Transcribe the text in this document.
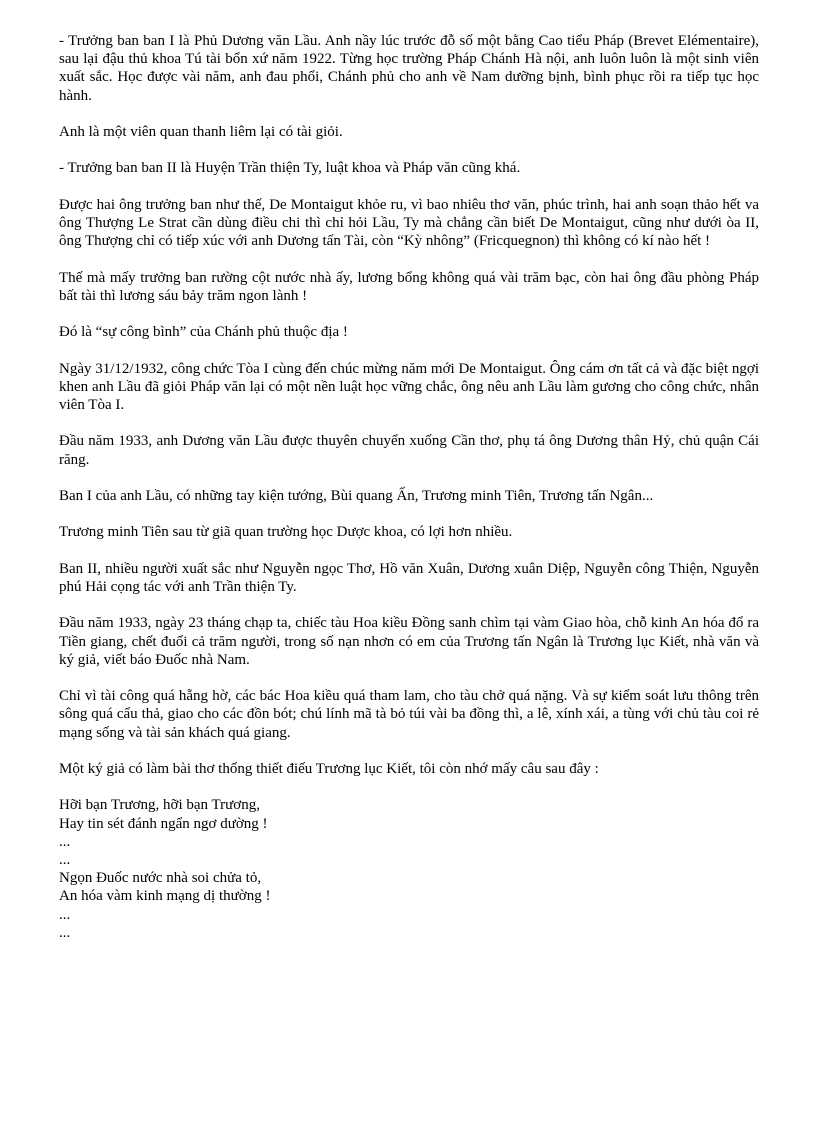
- Trưởng ban ban I là Phủ Dương văn Lầu. Anh nầy lúc trước đỗ số một bằng Cao tiểu Pháp (Brevet Elémentaire), sau lại đậu thủ khoa Tú tài bổn xứ năm 1922. Từng học trường Pháp Chánh Hà nội, anh luôn luôn là một sinh viên xuất sắc. Học được vài năm, anh đau phổi, Chánh phủ cho anh về Nam dưỡng bịnh, bình phục rồi ra tiếp tục học hành.

Anh là một viên quan thanh liêm lại có tài giỏi.

- Trưởng ban ban II là Huyện Trần thiện Ty, luật khoa và Pháp văn cũng khá.

Được hai ông trưởng ban như thế, De Montaigut khỏe ru, vì bao nhiêu thơ văn, phúc trình, hai anh soạn thảo hết va ông Thượng Le Strat cần dùng điều chi thì chỉ hỏi Lầu, Ty mà chẳng cần biết De Montaigut, cũng như dưới òa II, ông Thượng chỉ có tiếp xúc với anh Dương tấn Tài, còn “Kỳ nhông” (Fricquegnon) thì không có kí nào hết !

Thế mà mấy trưởng ban rường cột nước nhà ấy, lương bổng không quá vài trăm bạc, còn hai ông đầu phòng Pháp bất tài thì lương sáu bảy trăm ngon lành !

Đó là “sự công bình” của Chánh phủ thuộc địa !

Ngày 31/12/1932, công chức Tòa I cùng đến chúc mừng năm mới De Montaigut. Ông cám ơn tất cả và đặc biệt ngợi khen anh Lầu đã giỏi Pháp văn lại có một nền luật học vững chắc, ông nêu anh Lầu làm gương cho công chức, nhân viên Tòa I.

Đầu năm 1933, anh Dương văn Lầu được thuyên chuyển xuống Cần thơ, phụ tá ông Dương thân Hỷ, chủ quận Cái răng.

Ban I của anh Lầu, có những tay kiện tướng, Bùi quang Ấn, Trương minh Tiên, Trương tấn Ngân...

Trương minh Tiên sau từ giã quan trường học Dược khoa, có lợi hơn nhiều.

Ban II, nhiều người xuất sắc như Nguyễn ngọc Thơ, Hồ văn Xuân, Dương xuân Diệp, Nguyễn công Thiện, Nguyễn phú Hải cọng tác với anh Trần thiện Ty.

Đầu năm 1933, ngày 23 tháng chạp ta, chiếc tàu Hoa kiều Đồng sanh chìm tại vàm Giao hòa, chỗ kinh An hóa đổ ra Tiền giang, chết đuối cả trăm người, trong số nạn nhơn có em của Trương tấn Ngân là Trương lục Kiết, nhà văn và ký giả, viết báo Đuốc nhà Nam.

Chỉ vì tài công quá hẵng hờ, các bác Hoa kiều quá tham lam, cho tàu chở quá nặng. Và sự kiểm soát lưu thông trên sông quá cẩu thả, giao cho các đồn bót; chú lính mã tà bỏ túi vài ba đồng thì, a lê, xính xái, a tùng với chủ tàu coi rẻ mạng sống và tài sản khách quá giang.

Một ký giả có làm bài thơ thống thiết điếu Trương lục Kiết, tôi còn nhớ mấy câu sau đây :

Hỡi bạn Trương, hỡi bạn Trương,
Hay tin sét đánh ngẩn ngơ dường !
...
...
Ngọn Đuốc nước nhà soi chửa tỏ,
An hóa vàm kinh mạng dị thường !
...
...
